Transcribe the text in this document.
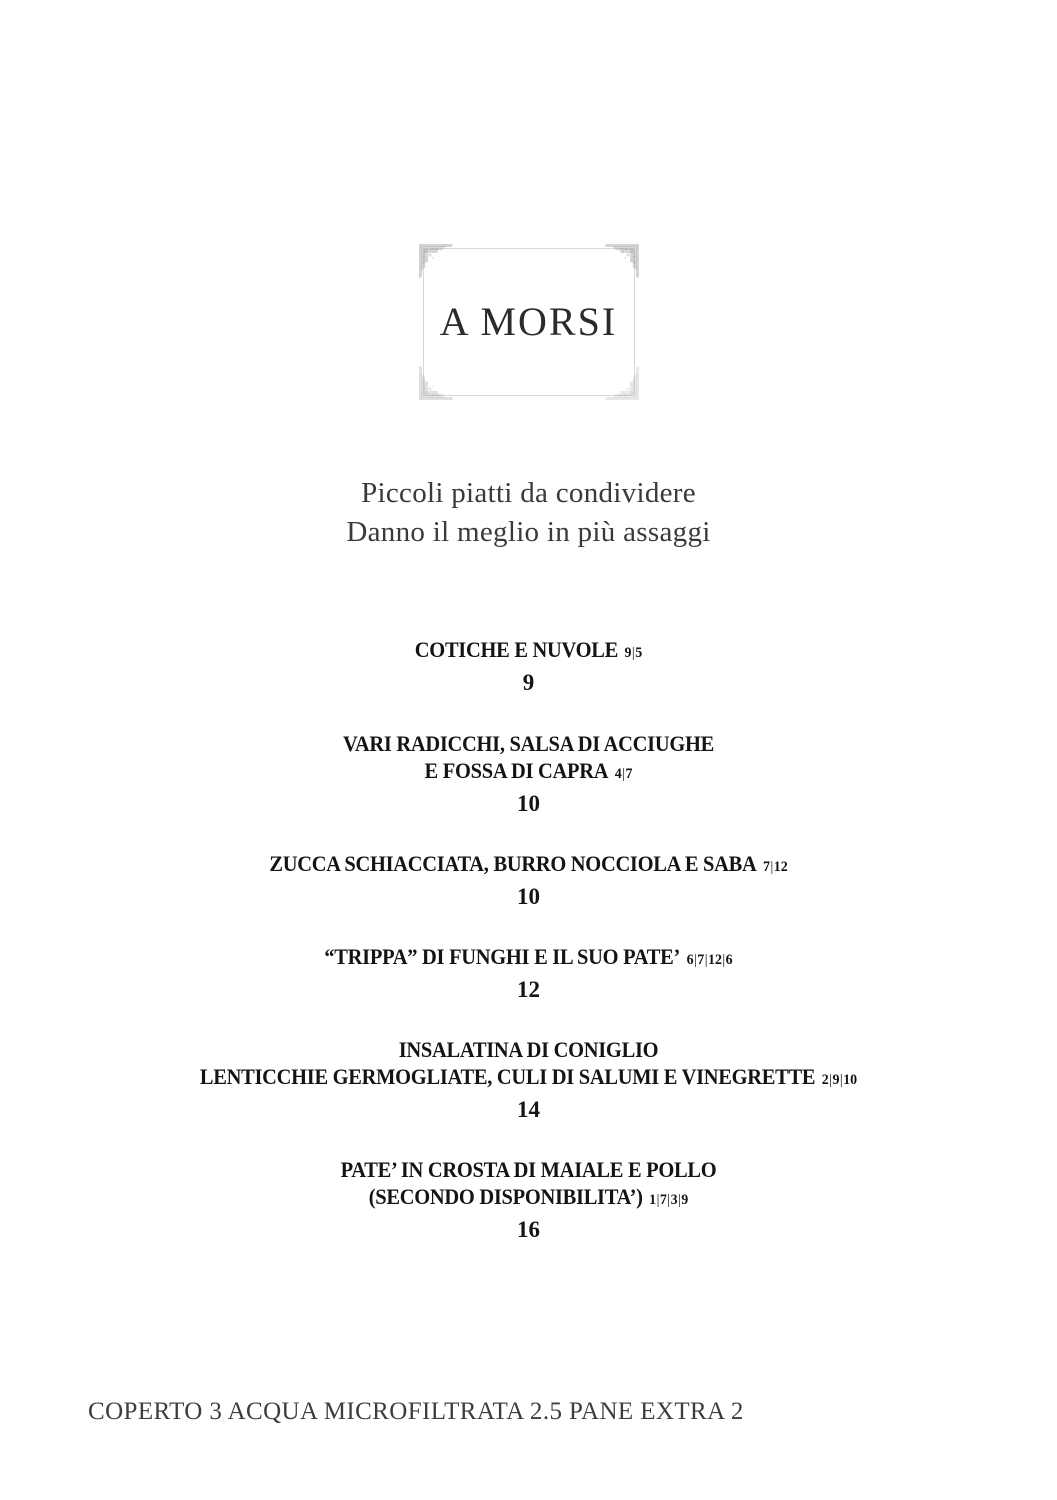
A MORSI
Piccoli piatti da condividere
Danno il meglio in più assaggi
COTICHE E NUVOLE 9|5
9
VARI RADICCHI, SALSA DI ACCIUGHE
E FOSSA DI CAPRA 4|7
10
ZUCCA SCHIACCIATA, BURRO NOCCIOLA E SABA 7|12
10
“TRIPPA” DI FUNGHI E IL SUO PATE’ 6|7|12|6
12
INSALATINA DI CONIGLIO
LENTICCHIE GERMOGLIATE, CULI DI SALUMI E VINEGRETTE 2|9|10
14
PATE’ IN CROSTA DI MAIALE E POLLO
(SECONDO DISPONIBILITA’) 1|7|3|9
16
COPERTO 3 ACQUA MICROFILTRATA 2.5 PANE EXTRA 2
